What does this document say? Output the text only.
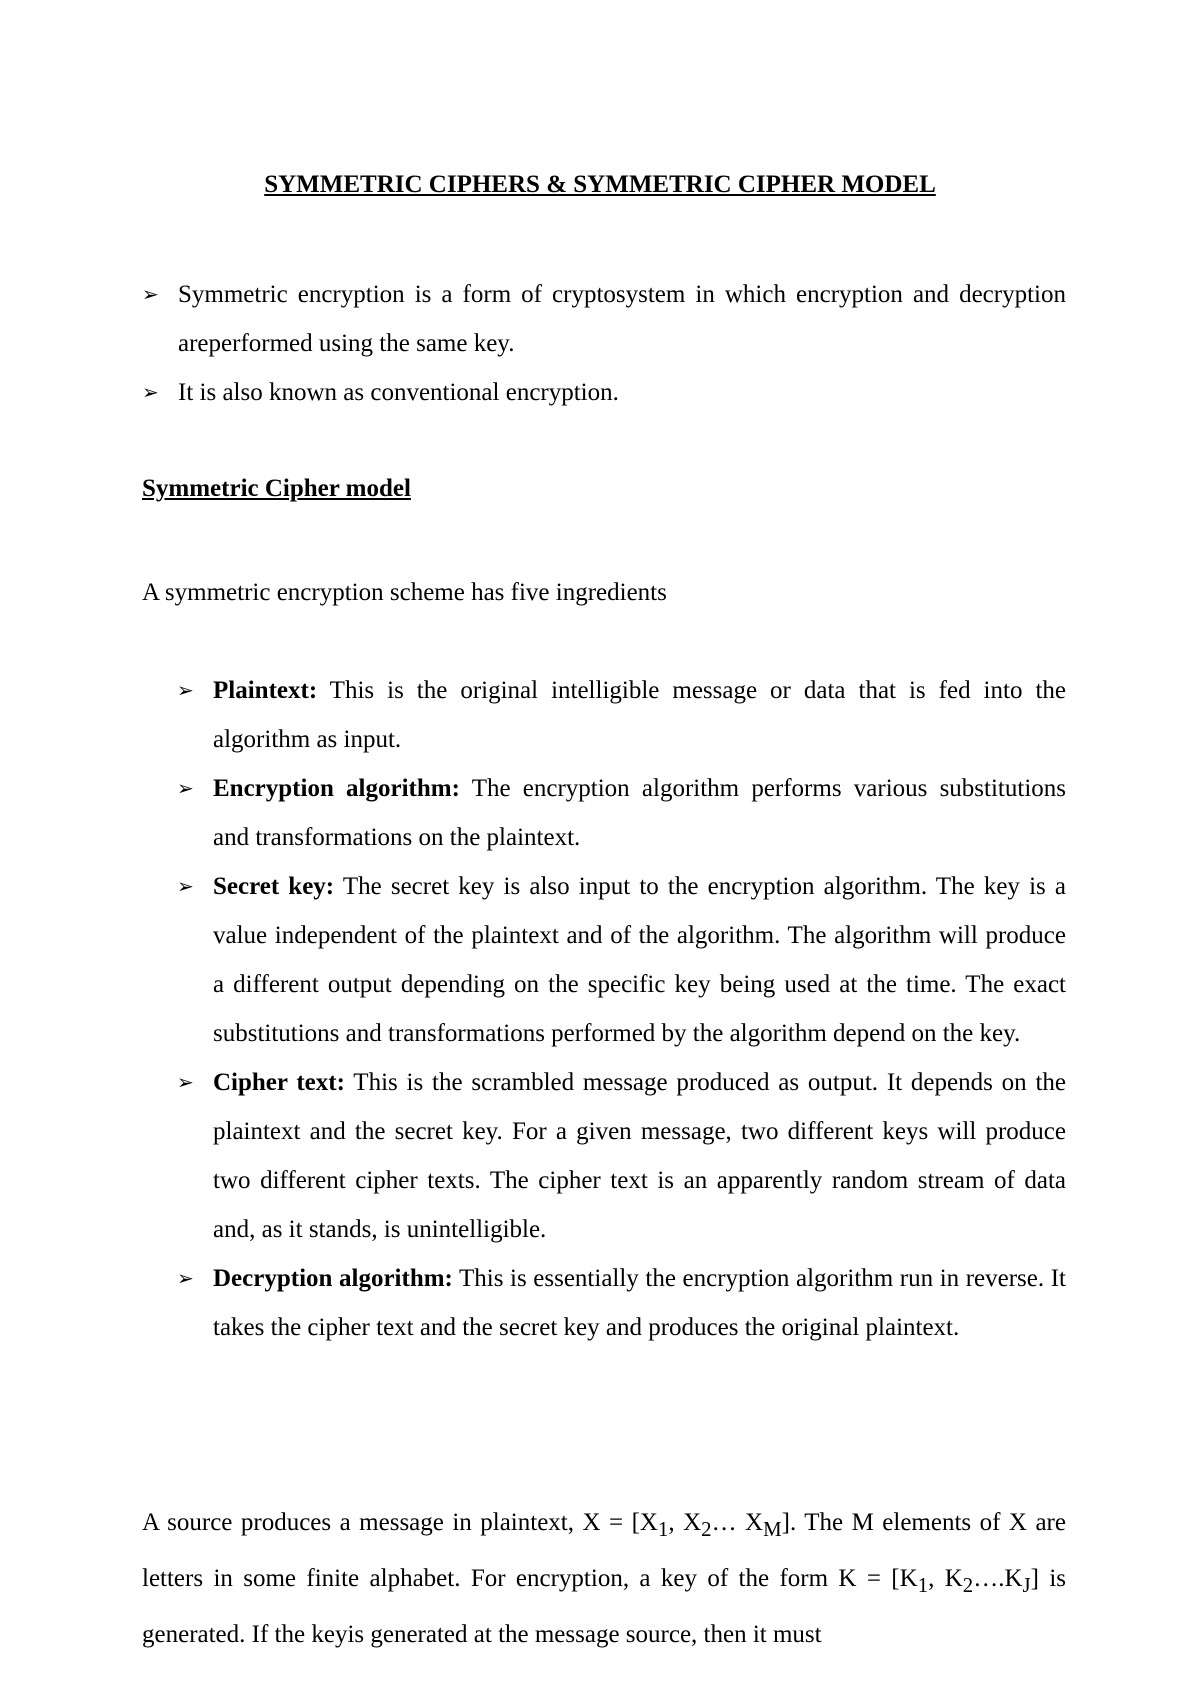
SYMMETRIC CIPHERS & SYMMETRIC CIPHER MODEL
➢ Symmetric encryption is a form of cryptosystem in which encryption and decryption areperformed using the same key.
➢ It is also known as conventional encryption.
Symmetric Cipher model

A symmetric encryption scheme has five ingredients

➢ Plaintext: This is the original intelligible message or data that is fed into the algorithm as input.
➢ Encryption algorithm: The encryption algorithm performs various substitutions and transformations on the plaintext.
➢ Secret key: The secret key is also input to the encryption algorithm. The key is a value independent of the plaintext and of the algorithm. The algorithm will produce a different output depending on the specific key being used at the time. The exact substitutions and transformations performed by the algorithm depend on the key.
➢ Cipher text: This is the scrambled message produced as output. It depends on the plaintext and the secret key. For a given message, two different keys will produce two different cipher texts. The cipher text is an apparently random stream of data and, as it stands, is unintelligible.
➢ Decryption algorithm: This is essentially the encryption algorithm run in reverse. It takes the cipher text and the secret key and produces the original plaintext.

A source produces a message in plaintext, $X = [X_1$, $X_2\dots$ $X_M$]. The M elements of X are letters in some finite alphabet. For encryption, a key of the form $K = [K_1$, $K_2\dots.K_J$] is generated. If the keyis generated at the message source, then it must
